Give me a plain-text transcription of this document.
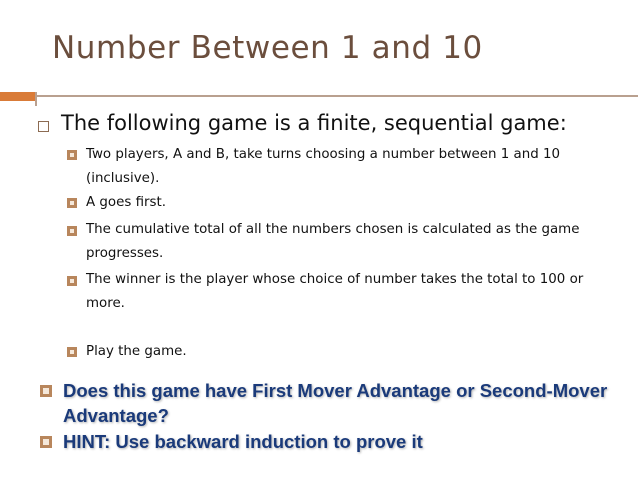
Number Between 1 and 10
The following game is a finite, sequential game:
Two players, A and B, take turns choosing a number between 1 and 10 (inclusive).
A goes first.
The cumulative total of all the numbers chosen is calculated as the game progresses.
The winner is the player whose choice of number takes the total to 100 or more.
Play the game.
Does this game have First Mover Advantage or Second-Mover Advantage?
HINT: Use backward induction to prove it
